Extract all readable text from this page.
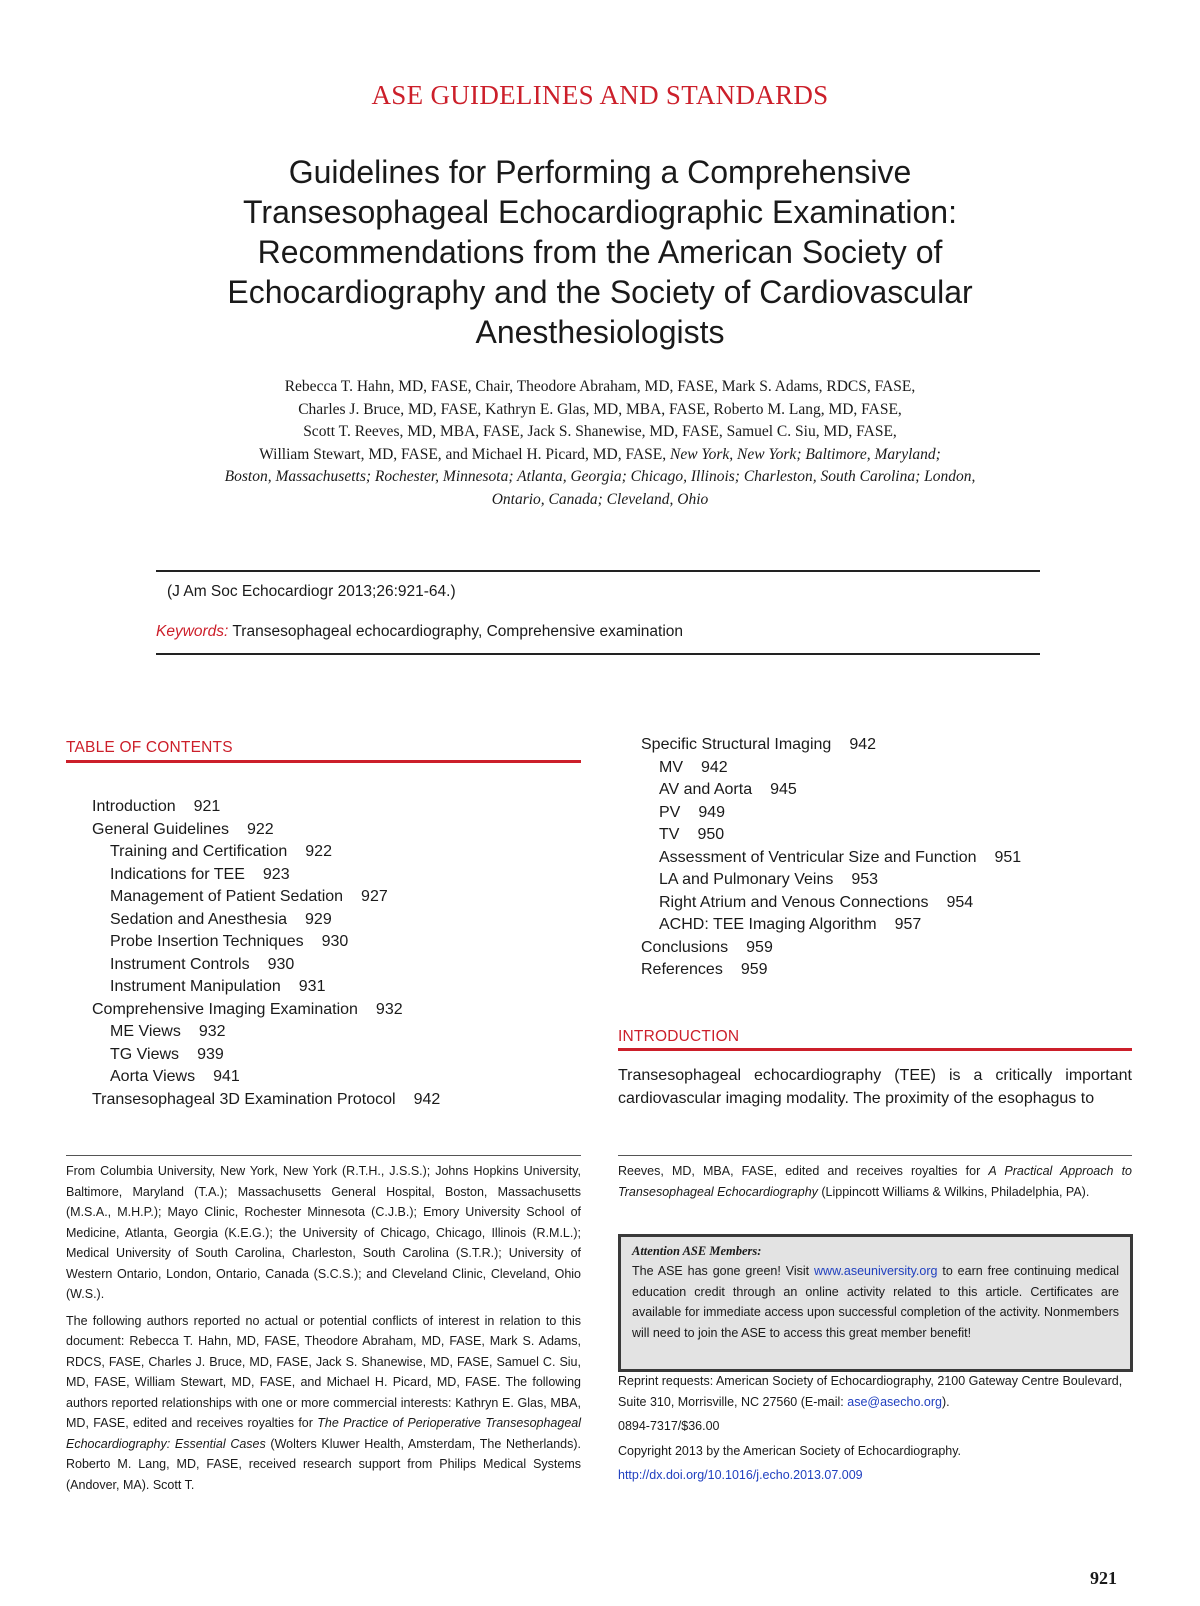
ASE GUIDELINES AND STANDARDS
Guidelines for Performing a Comprehensive
Transesophageal Echocardiographic Examination:
Recommendations from the American Society of
Echocardiography and the Society of Cardiovascular
Anesthesiologists
Rebecca T. Hahn, MD, FASE, Chair, Theodore Abraham, MD, FASE, Mark S. Adams, RDCS, FASE,
Charles J. Bruce, MD, FASE, Kathryn E. Glas, MD, MBA, FASE, Roberto M. Lang, MD, FASE,
Scott T. Reeves, MD, MBA, FASE, Jack S. Shanewise, MD, FASE, Samuel C. Siu, MD, FASE,
William Stewart, MD, FASE, and Michael H. Picard, MD, FASE, New York, New York; Baltimore, Maryland;
Boston, Massachusetts; Rochester, Minnesota; Atlanta, Georgia; Chicago, Illinois; Charleston, South Carolina; London,
Ontario, Canada; Cleveland, Ohio
(J Am Soc Echocardiogr 2013;26:921-64.)
Keywords: Transesophageal echocardiography, Comprehensive examination
TABLE OF CONTENTS
Introduction 921
General Guidelines 922
Training and Certification 922
Indications for TEE 923
Management of Patient Sedation 927
Sedation and Anesthesia 929
Probe Insertion Techniques 930
Instrument Controls 930
Instrument Manipulation 931
Comprehensive Imaging Examination 932
ME Views 932
TG Views 939
Aorta Views 941
Transesophageal 3D Examination Protocol 942
Specific Structural Imaging 942
MV 942
AV and Aorta 945
PV 949
TV 950
Assessment of Ventricular Size and Function 951
LA and Pulmonary Veins 953
Right Atrium and Venous Connections 954
ACHD: TEE Imaging Algorithm 957
Conclusions 959
References 959
INTRODUCTION
Transesophageal echocardiography (TEE) is a critically important cardiovascular imaging modality. The proximity of the esophagus to

From Columbia University, New York, New York (R.T.H., J.S.S.); Johns Hopkins University, Baltimore, Maryland (T.A.); Massachusetts General Hospital, Boston, Massachusetts (M.S.A., M.H.P.); Mayo Clinic, Rochester Minnesota (C.J.B.); Emory University School of Medicine, Atlanta, Georgia (K.E.G.); the University of Chicago, Chicago, Illinois (R.M.L.); Medical University of South Carolina, Charleston, South Carolina (S.T.R.); University of Western Ontario, London, Ontario, Canada (S.C.S.); and Cleveland Clinic, Cleveland, Ohio (W.S.).

The following authors reported no actual or potential conflicts of interest in relation to this document: Rebecca T. Hahn, MD, FASE, Theodore Abraham, MD, FASE, Mark S. Adams, RDCS, FASE, Charles J. Bruce, MD, FASE, Jack S. Shanewise, MD, FASE, Samuel C. Siu, MD, FASE, William Stewart, MD, FASE, and Michael H. Picard, MD, FASE. The following authors reported relationships with one or more commercial interests: Kathryn E. Glas, MBA, MD, FASE, edited and receives royalties for The Practice of Perioperative Transesophageal Echocardiography: Essential Cases (Wolters Kluwer Health, Amsterdam, The Netherlands). Roberto M. Lang, MD, FASE, received research support from Philips Medical Systems (Andover, MA). Scott T.

Reeves, MD, MBA, FASE, edited and receives royalties for A Practical Approach to Transesophageal Echocardiography (Lippincott Williams & Wilkins, Philadelphia, PA).

Attention ASE Members:
The ASE has gone green! Visit www.aseuniversity.org to earn free continuing medical education credit through an online activity related to this article. Certificates are available for immediate access upon successful completion of the activity. Nonmembers will need to join the ASE to access this great member benefit!

Reprint requests: American Society of Echocardiography, 2100 Gateway Centre Boulevard, Suite 310, Morrisville, NC 27560 (E-mail: ase@asecho.org).

0894-7317/$36.00

Copyright 2013 by the American Society of Echocardiography.

http://dx.doi.org/10.1016/j.echo.2013.07.009

921
